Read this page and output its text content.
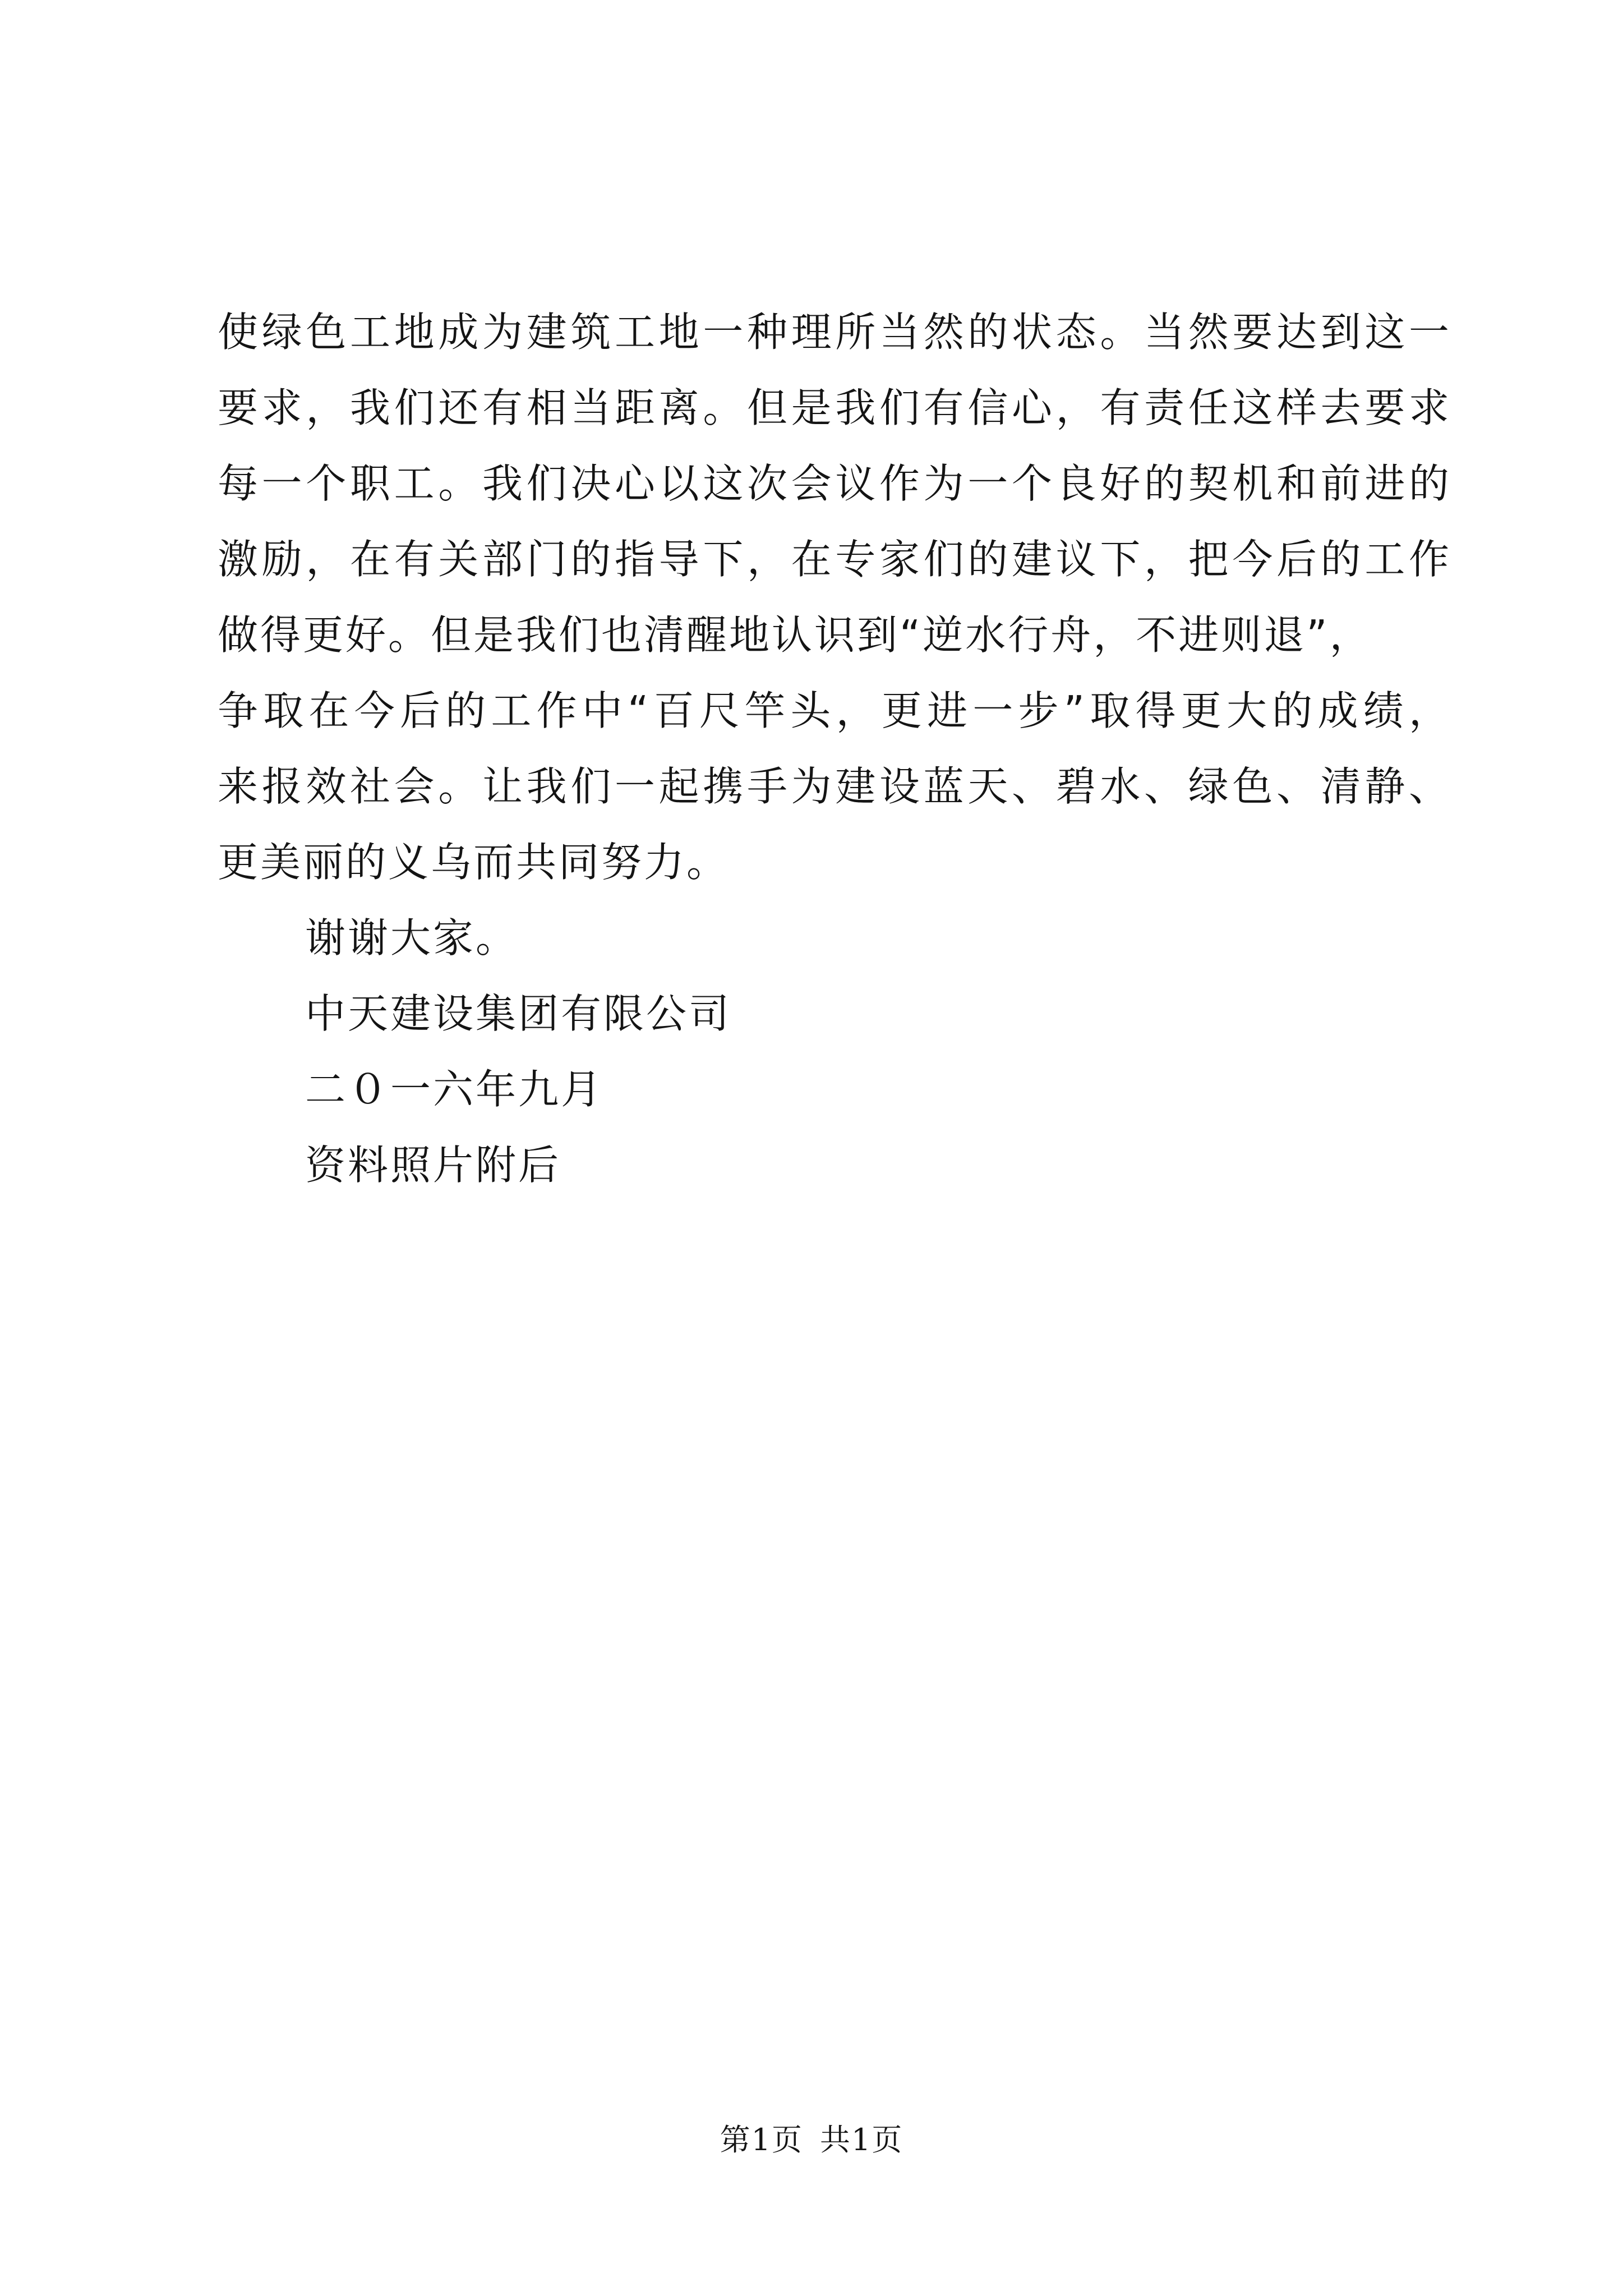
使绿色工地成为建筑工地一种理所当然的状态。当然要达到这一
要求，我们还有相当距离。但是我们有信心，有责任这样去要求
每一个职工。我们决心以这次会议作为一个良好的契机和前进的
激励，在有关部门的指导下，在专家们的建议下，把今后的工作
做得更好。但是我们也清醒地认识到“逆水行舟，不进则退”，
争取在今后的工作中“百尺竿头，更进一步”取得更大的成绩，
来报效社会。让我们一起携手为建设蓝天、碧水、绿色、清静、
更美丽的义乌而共同努力。
谢谢大家。
中天建设集团有限公司
二０一六年九月
资料照片附后
第1页 共1页
